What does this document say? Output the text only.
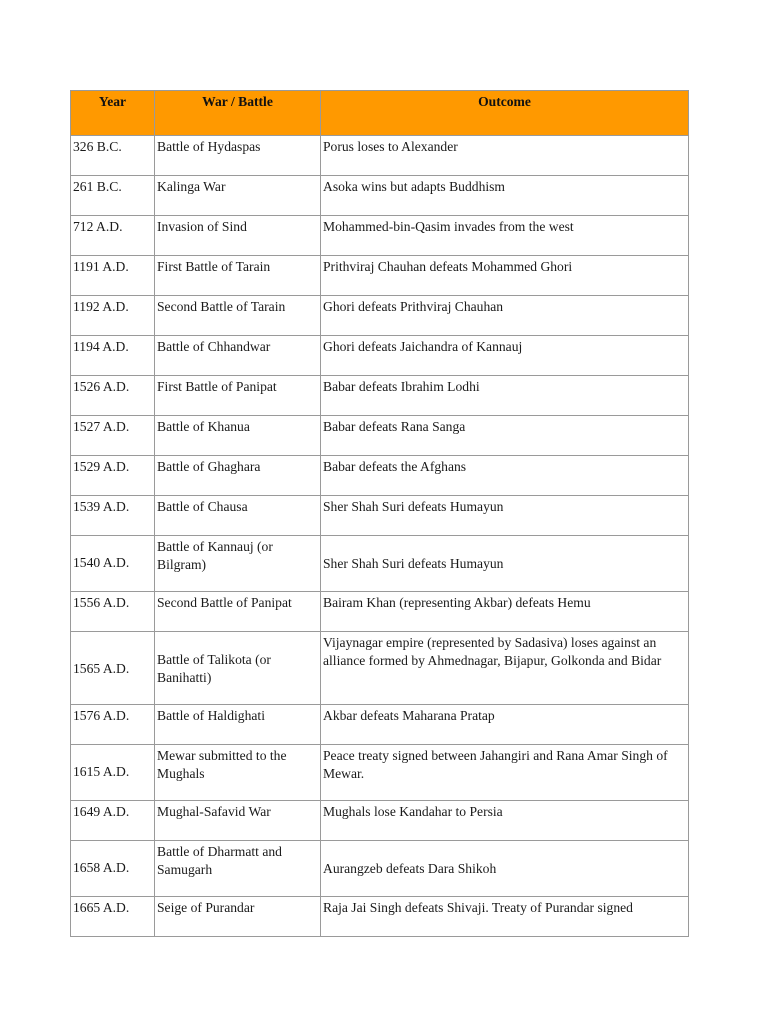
Year	War / Battle	Outcome
326 B.C.	Battle of Hydaspas	Porus loses to Alexander
261 B.C.	Kalinga War	Asoka wins but adapts Buddhism
712 A.D.	Invasion of Sind	Mohammed-bin-Qasim invades from the west
1191 A.D.	First Battle of Tarain	Prithviraj Chauhan defeats Mohammed Ghori
1192 A.D.	Second Battle of Tarain	Ghori defeats Prithviraj Chauhan
1194 A.D.	Battle of Chhandwar	Ghori defeats Jaichandra of Kannauj
1526 A.D.	First Battle of Panipat	Babar defeats Ibrahim Lodhi
1527 A.D.	Battle of Khanua	Babar defeats Rana Sanga
1529 A.D.	Battle of Ghaghara	Babar defeats the Afghans
1539 A.D.	Battle of Chausa	Sher Shah Suri defeats Humayun
1540 A.D.	Battle of Kannauj (or Bilgram)	Sher Shah Suri defeats Humayun
1556 A.D.	Second Battle of Panipat	Bairam Khan (representing Akbar) defeats Hemu
1565 A.D.	Battle of Talikota (or Banihatti)	Vijaynagar empire (represented by Sadasiva) loses against an alliance formed by Ahmednagar, Bijapur, Golkonda and Bidar
1576 A.D.	Battle of Haldighati	Akbar defeats Maharana Pratap
1615 A.D.	Mewar submitted to the Mughals	Peace treaty signed between Jahangiri and Rana Amar Singh of Mewar.
1649 A.D.	Mughal-Safavid War	Mughals lose Kandahar to Persia
1658 A.D.	Battle of Dharmatt and Samugarh	Aurangzeb defeats Dara Shikoh
1665 A.D.	Seige of Purandar	Raja Jai Singh defeats Shivaji. Treaty of Purandar signed
